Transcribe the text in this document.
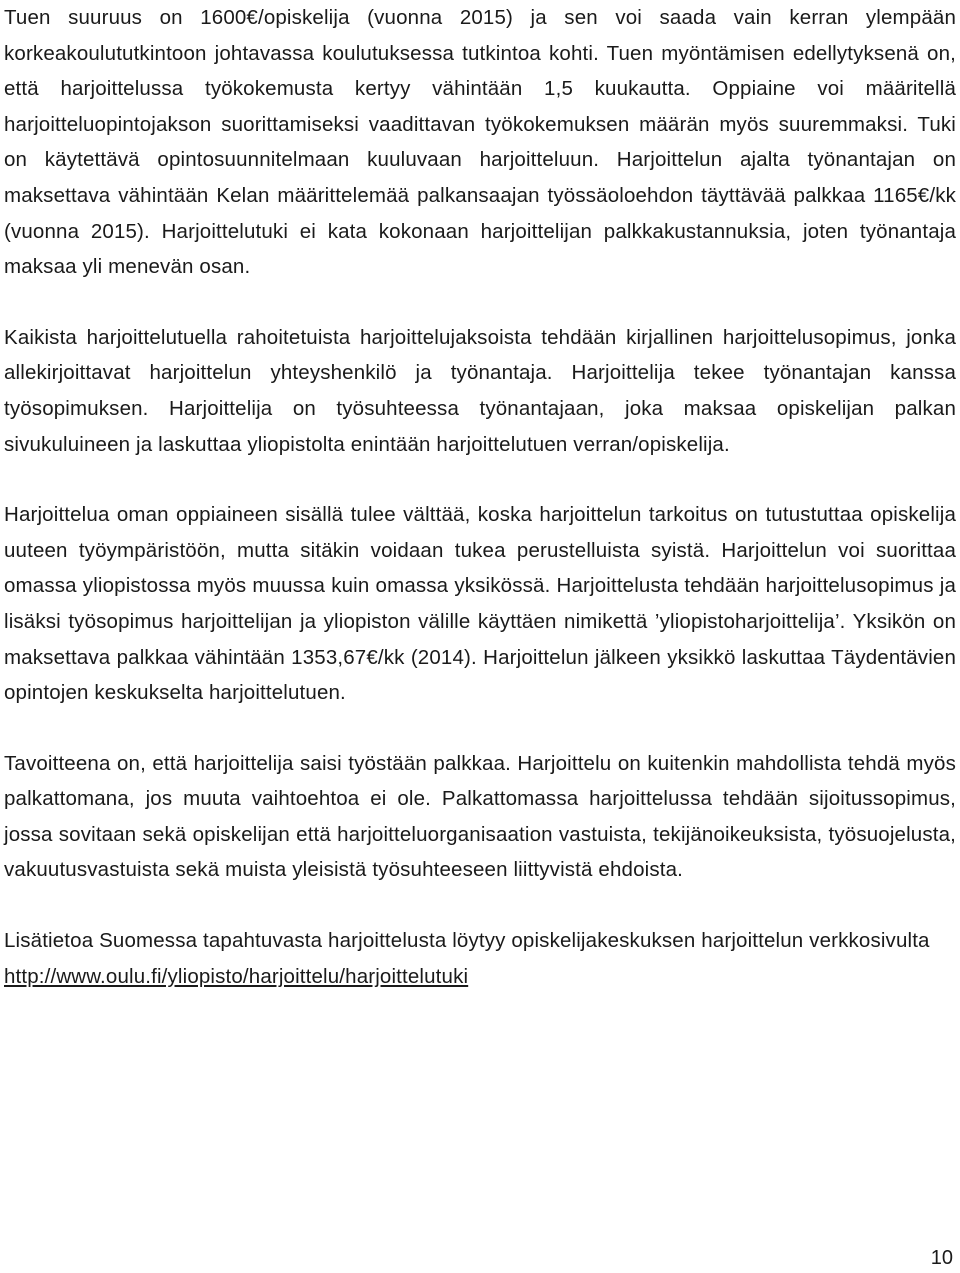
Tuen suuruus on 1600€/opiskelija (vuonna 2015) ja sen voi saada vain kerran ylempään korkeakoulututkintoon johtavassa koulutuksessa tutkintoa kohti. Tuen myöntämisen edellytyksenä on, että harjoittelussa työkokemusta kertyy vähintään 1,5 kuukautta. Oppiaine voi määritellä harjoitteluopintojakson suorittamiseksi vaadittavan työkokemuksen määrän myös suuremmaksi. Tuki on käytettävä opintosuunnitelmaan kuuluvaan harjoitteluun. Harjoittelun ajalta työnantajan on maksettava vähintään Kelan määrittelemää palkansaajan työssäoloehdon täyttävää palkkaa 1165€/kk (vuonna 2015). Harjoittelutuki ei kata kokonaan harjoittelijan palkkakustannuksia, joten työnantaja maksaa yli menevän osan.

Kaikista harjoittelutuella rahoitetuista harjoittelujaksoista tehdään kirjallinen harjoittelusopimus, jonka allekirjoittavat harjoittelun yhteyshenkilö ja työnantaja. Harjoittelija tekee työnantajan kanssa työsopimuksen. Harjoittelija on työsuhteessa työnantajaan, joka maksaa opiskelijan palkan sivukuluineen ja laskuttaa yliopistolta enintään harjoittelutuen verran/opiskelija.

Harjoittelua oman oppiaineen sisällä tulee välttää, koska harjoittelun tarkoitus on tutustuttaa opiskelija uuteen työympäristöön, mutta sitäkin voidaan tukea perustelluista syistä. Harjoittelun voi suorittaa omassa yliopistossa myös muussa kuin omassa yksikössä. Harjoittelusta tehdään harjoittelusopimus ja lisäksi työsopimus harjoittelijan ja yliopiston välille käyttäen nimikettä ’yliopistoharjoittelija’. Yksikön on maksettava palkkaa vähintään 1353,67€/kk (2014). Harjoittelun jälkeen yksikkö laskuttaa Täydentävien opintojen keskukselta harjoittelutuen.

Tavoitteena on, että harjoittelija saisi työstään palkkaa. Harjoittelu on kuitenkin mahdollista tehdä myös palkattomana, jos muuta vaihtoehtoa ei ole. Palkattomassa harjoittelussa tehdään sijoitussopimus, jossa sovitaan sekä opiskelijan että harjoitteluorganisaation vastuista, tekijänoikeuksista, työsuojelusta, vakuutusvastuista sekä muista yleisistä työsuhteeseen liittyvistä ehdoista.

Lisätietoa Suomessa tapahtuvasta harjoittelusta löytyy opiskelijakeskuksen harjoittelun verkkosivulta http://www.oulu.fi/yliopisto/harjoittelu/harjoittelutuki

10
